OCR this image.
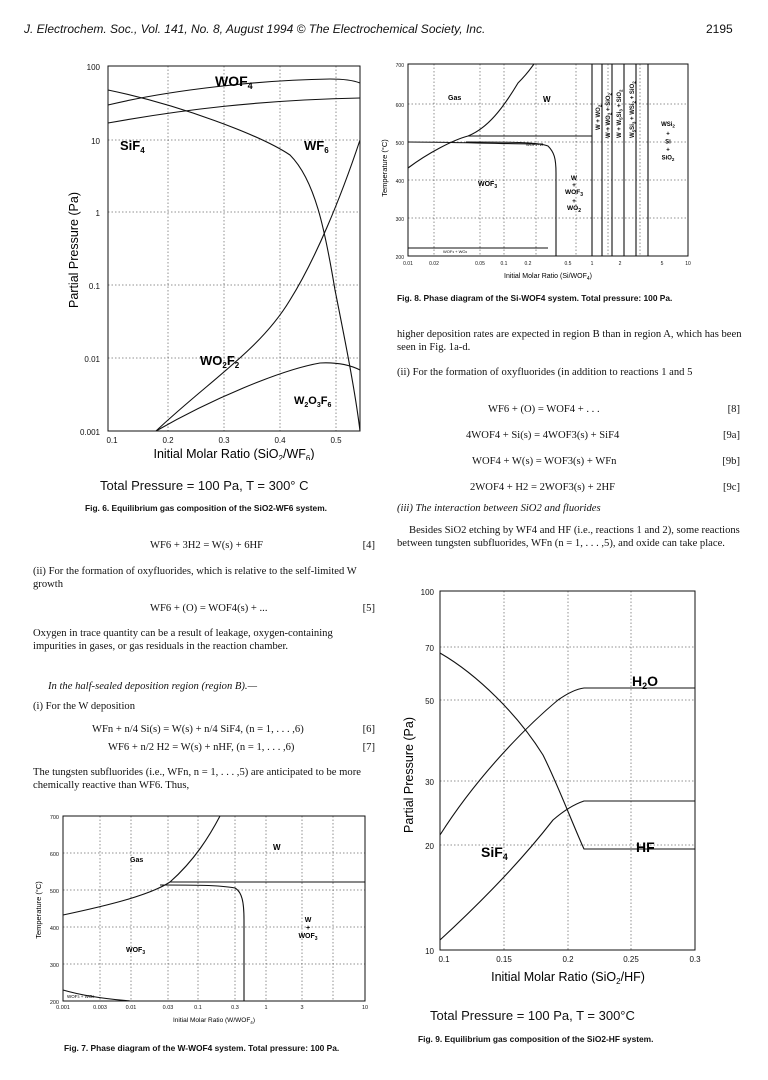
J. Electrochem. Soc., Vol. 141, No. 8, August 1994 © The Electrochemical Society, Inc.	2195
100
10
1
0.1
0.01
0.001
0.1	0.2	0.3	0.4	0.5
$WOF_4$
SiF$_4$	$WF_6$
$WO_2F_2$
$W_2O_3F_6$
Initial Molar Ratio $(SiO_2/WF_6)$
Partial Pressure (Pa)
Total Pressure = 100 Pa, T = 300° C
Fig. 6. Equilibrium gas composition of the SiO2-WF6 system.
WF6 + 3H2 = W(s) + 6HF	[4]
(ii) For the formation of oxyfluorides, which is relative to the self-limited W growth
WF6 + (O) = WOF4(s) + ...	[5]
Oxygen in trace quantity can be a result of leakage, oxygen-containing impurities in gases, or gas residuals in the reaction chamber.
In the half-sealed deposition region (region B).—
(i) For the W deposition
WFn + n/4 Si(s) = W(s) + n/4 SiF4, (n = 1, . . . ,6)	[6]
WF6 + n/2 H2 = W(s) + nHF, (n = 1, . . . ,6)	[7]
The tungsten subfluorides (i.e., WFn, n = 1, . . . ,5) are anticipated to be more chemically reactive than WF6. Thus,
700
600
500
400
300
200
0.001	0.003	0.01	0.03	0.1	0.3	1	3	10
Gas
W
$W + WOF_3$
$WOF_3$
WOF3 + WO2
Initial Molar Ratio $(W/WOF_4)$
Temperature (°C)
Fig. 7. Phase diagram of the W-WOF4 system. Total pressure: 100 Pa.
700
600
500
400
300
200
0.01	0.02	0.05	0.1	0.2	0.5	1	2	5	10
Gas	W
$WOF_3$
WOF3+W
$W + WOF_3 + WO_2$
$W + WO_2$
$W + WO_2 + SiO_2$
$W + W_5Si_3 + SiO_2$
$W_5Si_3 + WSi_2 + SiO_2$
WSi$_2$ + Si + SiO$_2$
WOF3 + WO2
Initial Molar Ratio $(Si/WOF_4)$
Temperature (°C)
Fig. 8. Phase diagram of the Si-WOF4 system. Total pressure: 100 Pa.
higher deposition rates are expected in region B than in region A, which has been seen in Fig. 1a-d.
(ii) For the formation of oxyfluorides (in addition to reactions 1 and 5
WF6 + (O) = WOF4 + . . .	[8]
4WOF4 + Si(s) = 4WOF3(s) + SiF4	[9a]
WOF4 + W(s) = WOF3(s) + WFn	[9b]
2WOF4 + H2 = 2WOF3(s) + 2HF	[9c]
(iii) The interaction between SiO2 and fluorides
Besides SiO2 etching by WF4 and HF (i.e., reactions 1 and 2), some reactions between tungsten subfluorides, WFn (n = 1, . . . ,5), and oxide can take place.
100
70
50
30
20
10
0.1	0.15	0.2	0.25	0.3
$H_2O$
HF
SiF$_4$
Initial Molar Ratio (SiO$_2$/HF)
Partial Pressure (Pa)
Total Pressure = 100 Pa, T = 300°C
Fig. 9. Equilibrium gas composition of the SiO2-HF system.
